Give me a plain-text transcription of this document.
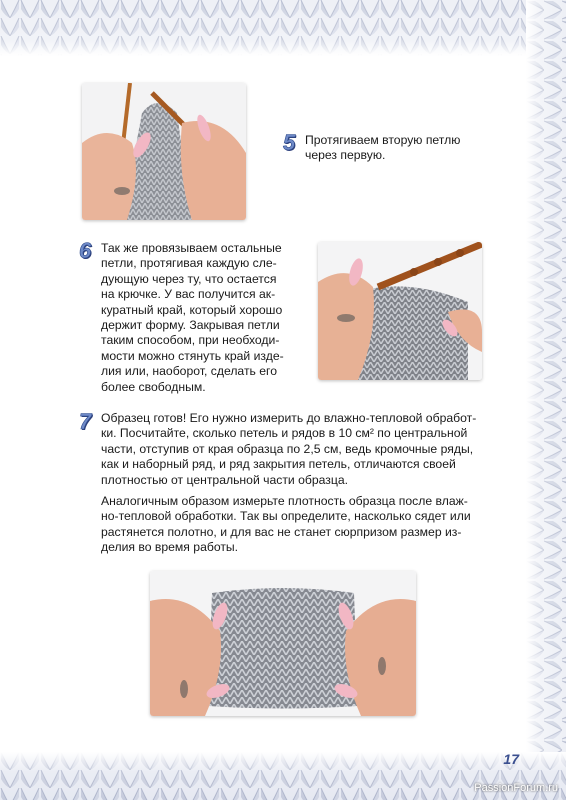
5 Протягиваем вторую петлю
через первую.

6 Так же провязываем остальные
петли, протягивая каждую сле-
дующую через ту, что остается
на крючке. У вас получится ак-
куратный край, который хорошо
держит форму. Закрывая петли
таким способом, при необходи-
мости можно стянуть край изде-
лия или, наоборот, сделать его
более свободным.

7 Образец готов! Его нужно измерить до влажно-тепловой обработ-
ки. Посчитайте, сколько петель и рядов в 10 см² по центральной
части, отступив от края образца по 2,5 см, ведь кромочные ряды,
как и наборный ряд, и ряд закрытия петель, отличаются своей
плотностью от центральной части образца.

Аналогичным образом измерьте плотность образца после влаж-
но-тепловой обработки. Так вы определите, насколько сядет или
растянется полотно, и для вас не станет сюрпризом размер из-
делия во время работы.

17
PassionForum.ru
